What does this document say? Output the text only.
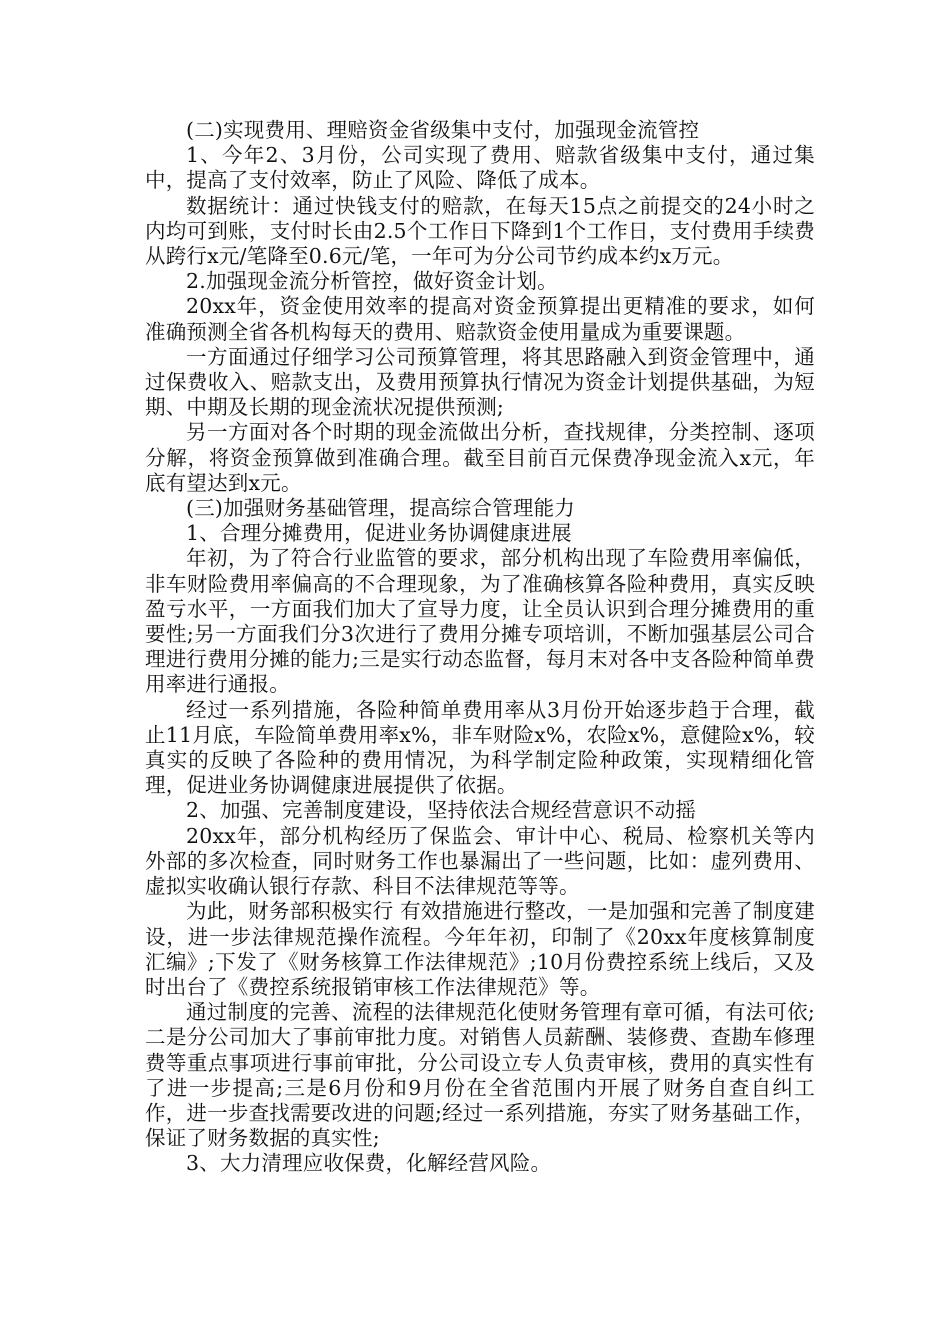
(二)实现费用、理赔资金省级集中支付，加强现金流管控

1、今年2、3月份，公司实现了费用、赔款省级集中支付，通过集中，提高了支付效率，防止了风险、降低了成本。

数据统计：通过快钱支付的赔款，在每天15点之前提交的24小时之内均可到账，支付时长由2.5个工作日下降到1个工作日，支付费用手续费从跨行x元/笔降至0.6元/笔，一年可为分公司节约成本约x万元。

2.加强现金流分析管控，做好资金计划。

20xx年，资金使用效率的提高对资金预算提出更精准的要求，如何准确预测全省各机构每天的费用、赔款资金使用量成为重要课题。

一方面通过仔细学习公司预算管理，将其思路融入到资金管理中，通过保费收入、赔款支出，及费用预算执行情况为资金计划提供基础，为短期、中期及长期的现金流状况提供预测;

另一方面对各个时期的现金流做出分析，查找规律，分类控制、逐项分解，将资金预算做到准确合理。截至目前百元保费净现金流入x元，年底有望达到x元。

(三)加强财务基础管理，提高综合管理能力

1、合理分摊费用，促进业务协调健康进展

年初，为了符合行业监管的要求，部分机构出现了车险费用率偏低，非车财险费用率偏高的不合理现象，为了准确核算各险种费用，真实反映盈亏水平，一方面我们加大了宣导力度，让全员认识到合理分摊费用的重要性;另一方面我们分3次进行了费用分摊专项培训，不断加强基层公司合理进行费用分摊的能力;三是实行动态监督，每月末对各中支各险种简单费用率进行通报。

经过一系列措施，各险种简单费用率从3月份开始逐步趋于合理，截止11月底，车险简单费用率x%，非车财险x%，农险x%，意健险x%，较真实的反映了各险种的费用情况，为科学制定险种政策，实现精细化管理，促进业务协调健康进展提供了依据。

2、加强、完善制度建设，坚持依法合规经营意识不动摇

20xx年，部分机构经历了保监会、审计中心、税局、检察机关等内外部的多次检查，同时财务工作也暴漏出了一些问题，比如：虚列费用、虚拟实收确认银行存款、科目不法律规范等等。

为此，财务部积极实行 有效措施进行整改，一是加强和完善了制度建设，进一步法律规范操作流程。今年年初，印制了《20xx年度核算制度汇编》;下发了《财务核算工作法律规范》;10月份费控系统上线后，又及时出台了《费控系统报销审核工作法律规范》等。

通过制度的完善、流程的法律规范化使财务管理有章可循，有法可依;二是分公司加大了事前审批力度。对销售人员薪酬、装修费、查勘车修理费等重点事项进行事前审批，分公司设立专人负责审核，费用的真实性有了进一步提高;三是6月份和9月份在全省范围内开展了财务自查自纠工作，进一步查找需要改进的问题;经过一系列措施，夯实了财务基础工作，保证了财务数据的真实性;

3、大力清理应收保费，化解经营风险。
